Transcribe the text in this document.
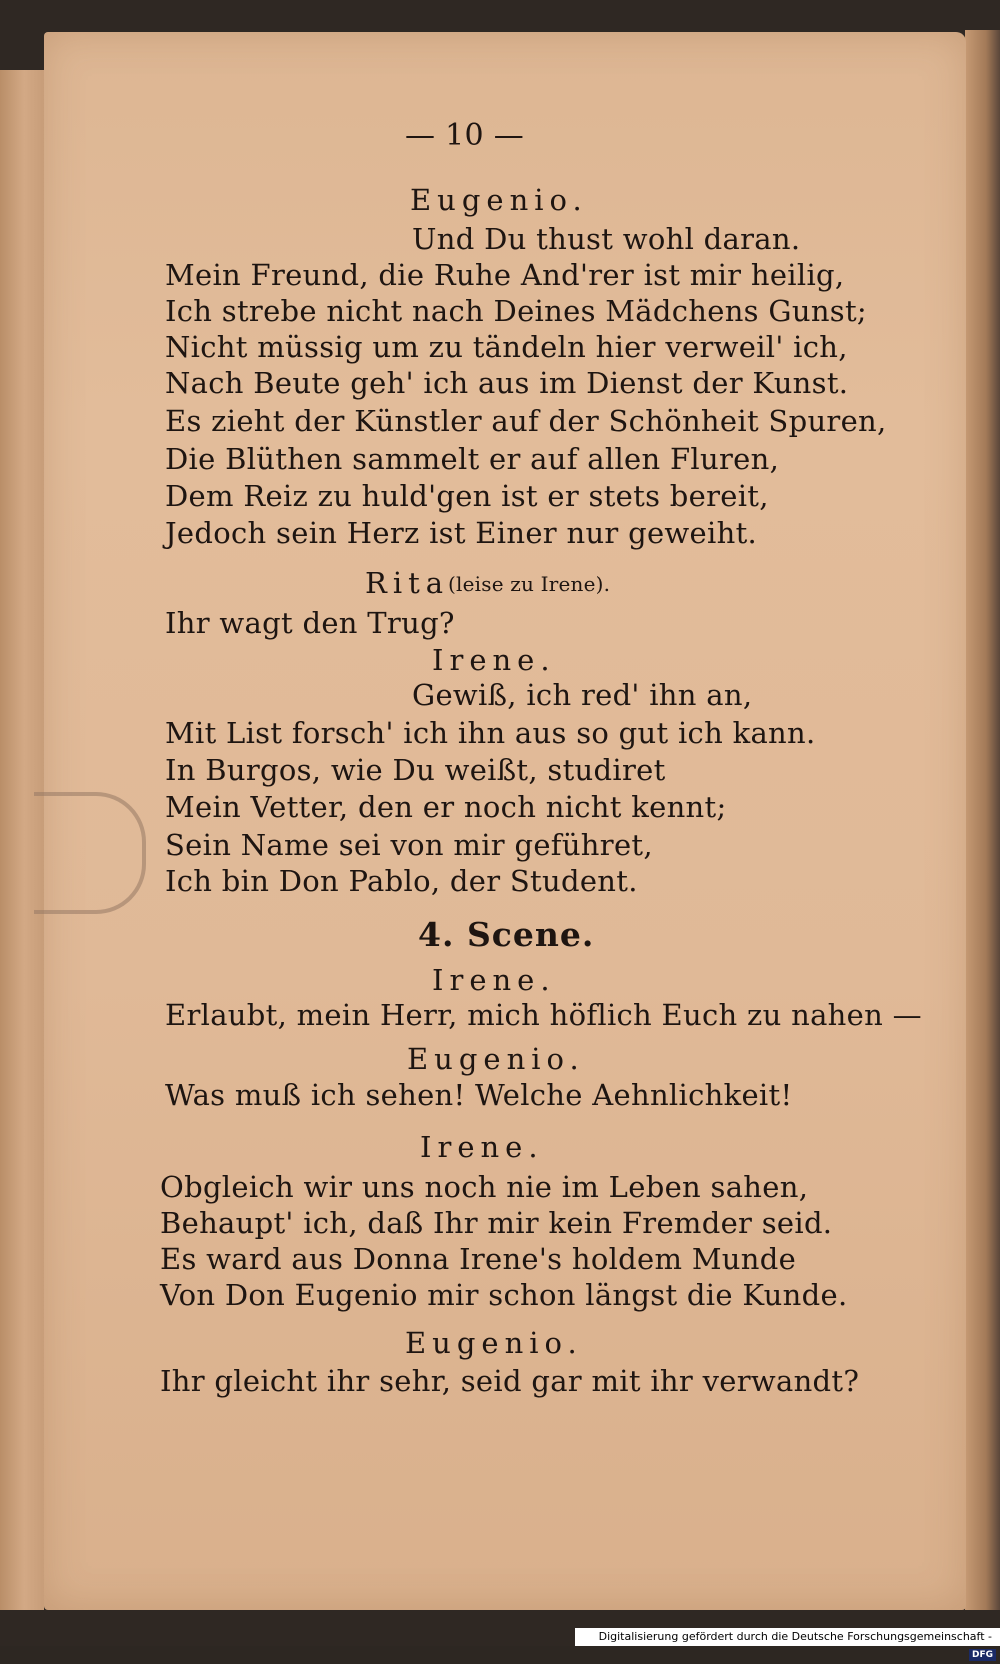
— 10 —
Eugenio.
Und Du thust wohl daran.
Mein Freund, die Ruhe And'rer ist mir heilig,
Ich strebe nicht nach Deines Mädchens Gunst;
Nicht müssig um zu tändeln hier verweil' ich,
Nach Beute geh' ich aus im Dienst der Kunst.
Es zieht der Künstler auf der Schönheit Spuren,
Die Blüthen sammelt er auf allen Fluren,
Dem Reiz zu huld'gen ist er stets bereit,
Jedoch sein Herz ist Einer nur geweiht.
Rita
(leise zu Irene).
Ihr wagt den Trug?
Irene.
Gewiß, ich red' ihn an,
Mit List forsch' ich ihn aus so gut ich kann.
In Burgos, wie Du weißt, studiret
Mein Vetter, den er noch nicht kennt;
Sein Name sei von mir geführet,
Ich bin Don Pablo, der Student.
4. Scene.
Irene.
Erlaubt, mein Herr, mich höflich Euch zu nahen —
Eugenio.
Was muß ich sehen! Welche Aehnlichkeit!
Irene.
Obgleich wir uns noch nie im Leben sahen,
Behaupt' ich, daß Ihr mir kein Fremder seid.
Es ward aus Donna Irene's holdem Munde
Von Don Eugenio mir schon längst die Kunde.
Eugenio.
Ihr gleicht ihr sehr, seid gar mit ihr verwandt?
Digitalisierung gefördert durch die Deutsche Forschungsgemeinschaft -DFG
